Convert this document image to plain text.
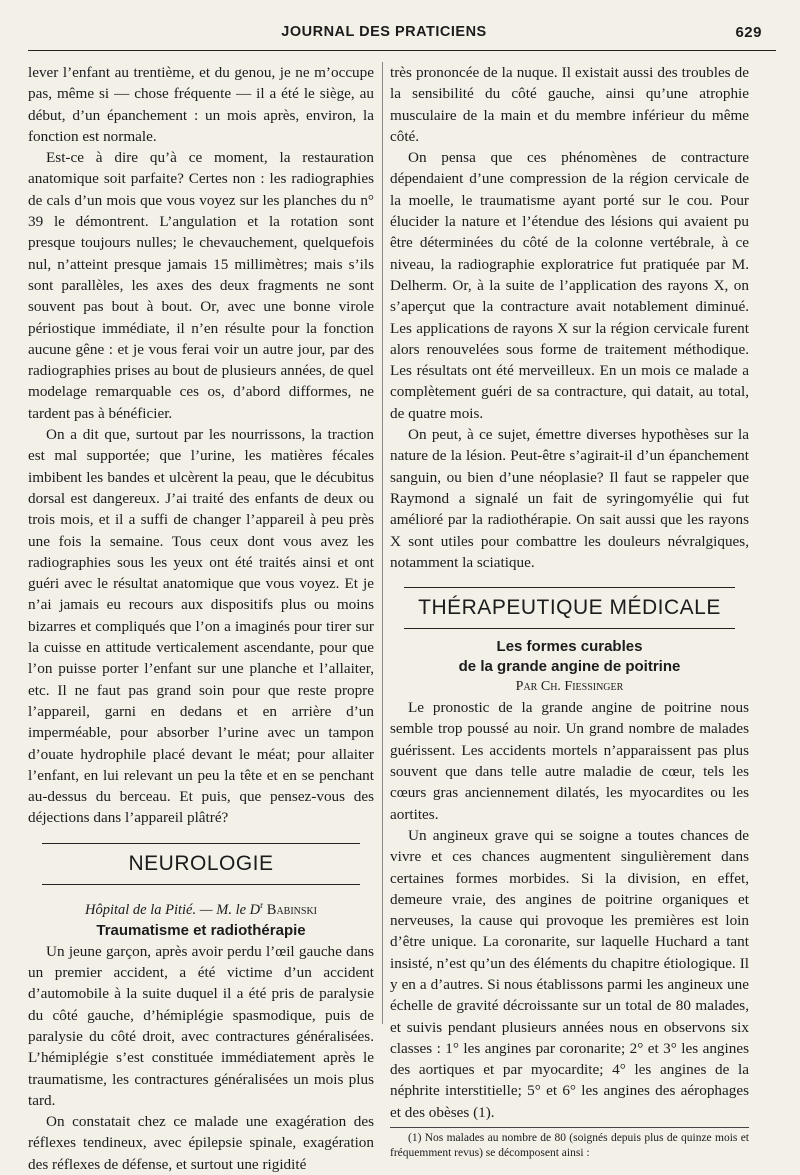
JOURNAL DES PRATICIENS	629

lever l’enfant au trentième, et du genou, je ne m’occupe pas, même si — chose fréquente — il a été le siège, au début, d’un épanchement : un mois après, environ, la fonction est normale.

Est-ce à dire qu’à ce moment, la restauration anatomique soit parfaite? Certes non : les radiographies de cals d’un mois que vous voyez sur les planches du n° 39 le démontrent. L’angulation et la rotation sont presque toujours nulles; le chevauchement, quelquefois nul, n’atteint presque jamais 15 millimètres; mais s’ils sont parallèles, les axes des deux fragments ne sont souvent pas bout à bout. Or, avec une bonne virole périostique immédiate, il n’en résulte pour la fonction aucune gêne : et je vous ferai voir un autre jour, par des radiographies prises au bout de plusieurs années, de quel modelage remarquable ces os, d’abord difformes, ne tardent pas à bénéficier.

On a dit que, surtout par les nourrissons, la traction est mal supportée; que l’urine, les matières fécales imbibent les bandes et ulcèrent la peau, que le décubitus dorsal est dangereux. J’ai traité des enfants de deux ou trois mois, et il a suffi de changer l’appareil à peu près une fois la semaine. Tous ceux dont vous avez les radiographies sous les yeux ont été traités ainsi et ont guéri avec le résultat anatomique que vous voyez. Et je n’ai jamais eu recours aux dispositifs plus ou moins bizarres et compliqués que l’on a imaginés pour tirer sur la cuisse en attitude verticalement ascendante, pour que l’on puisse porter l’enfant sur une planche et l’allaiter, etc. Il ne faut pas grand soin pour que reste propre l’appareil, garni en dedans et en arrière d’un imperméable, pour absorber l’urine avec un tampon d’ouate hydrophile placé devant le méat; pour allaiter l’enfant, en lui relevant un peu la tête et en se penchant au-dessus du berceau. Et puis, que pensez-vous des déjections dans l’appareil plâtré?

NEUROLOGIE
Hôpital de la Pitié. — M. le $D^r$ Babinski
Traumatisme et radiothérapie

Un jeune garçon, après avoir perdu l’œil gauche dans un premier accident, a été victime d’un accident d’automobile à la suite duquel il a été pris de paralysie du côté gauche, d’hémiplégie spasmodique, puis de paralysie du côté droit, avec contractures généralisées. L’hémiplégie s’est constituée immédiatement après le traumatisme, les contractures généralisées un mois plus tard.

On constatait chez ce malade une exagération des réflexes tendineux, avec épilepsie spinale, exagération des réflexes de défense, et surtout une rigidité

très prononcée de la nuque. Il existait aussi des troubles de la sensibilité du côté gauche, ainsi qu’une atrophie musculaire de la main et du membre inférieur du même côté.

On pensa que ces phénomènes de contracture dépendaient d’une compression de la région cervicale de la moelle, le traumatisme ayant porté sur le cou. Pour élucider la nature et l’étendue des lésions qui avaient pu être déterminées du côté de la colonne vertébrale, à ce niveau, la radiographie exploratrice fut pratiquée par M. Delherm. Or, à la suite de l’application des rayons X, on s’aperçut que la contracture avait notablement diminué. Les applications de rayons X sur la région cervicale furent alors renouvelées sous forme de traitement méthodique. Les résultats ont été merveilleux. En un mois ce malade a complètement guéri de sa contracture, qui datait, au total, de quatre mois.

On peut, à ce sujet, émettre diverses hypothèses sur la nature de la lésion. Peut-être s’agirait-il d’un épanchement sanguin, ou bien d’une néoplasie? Il faut se rappeler que Raymond a signalé un fait de syringomyélie qui fut amélioré par la radiothérapie. On sait aussi que les rayons X sont utiles pour combattre les douleurs névralgiques, notamment la sciatique.

THÉRAPEUTIQUE MÉDICALE
Les formes curables
de la grande angine de poitrine
Par Ch. Fiessinger

Le pronostic de la grande angine de poitrine nous semble trop poussé au noir. Un grand nombre de malades guérissent. Les accidents mortels n’apparaissent pas plus souvent que dans telle autre maladie de cœur, tels les cœurs gras anciennement dilatés, les myocardites ou les aortites.

Un angineux grave qui se soigne a toutes chances de vivre et ces chances augmentent singulièrement dans certaines formes morbides. Si la division, en effet, demeure vraie, des angines de poitrine organiques et nerveuses, la cause qui provoque les premières est loin d’être unique. La coronarite, sur laquelle Huchard a tant insisté, n’est qu’un des éléments du chapitre étiologique. Il y en a d’autres. Si nous établissons parmi les angineux une échelle de gravité décroissante sur un total de 80 malades, et suivis pendant plusieurs années nous en observons six classes : 1° les angines par coronarite; 2° et 3° les angines des aortiques et par myocardite; 4° les angines de la néphrite interstitielle; 5° et 6° les angines des aérophages et des obèses (1).

(1) Nos malades au nombre de 80 (soignés depuis plus de quinze mois et fréquemment revus) se décomposent ainsi :
